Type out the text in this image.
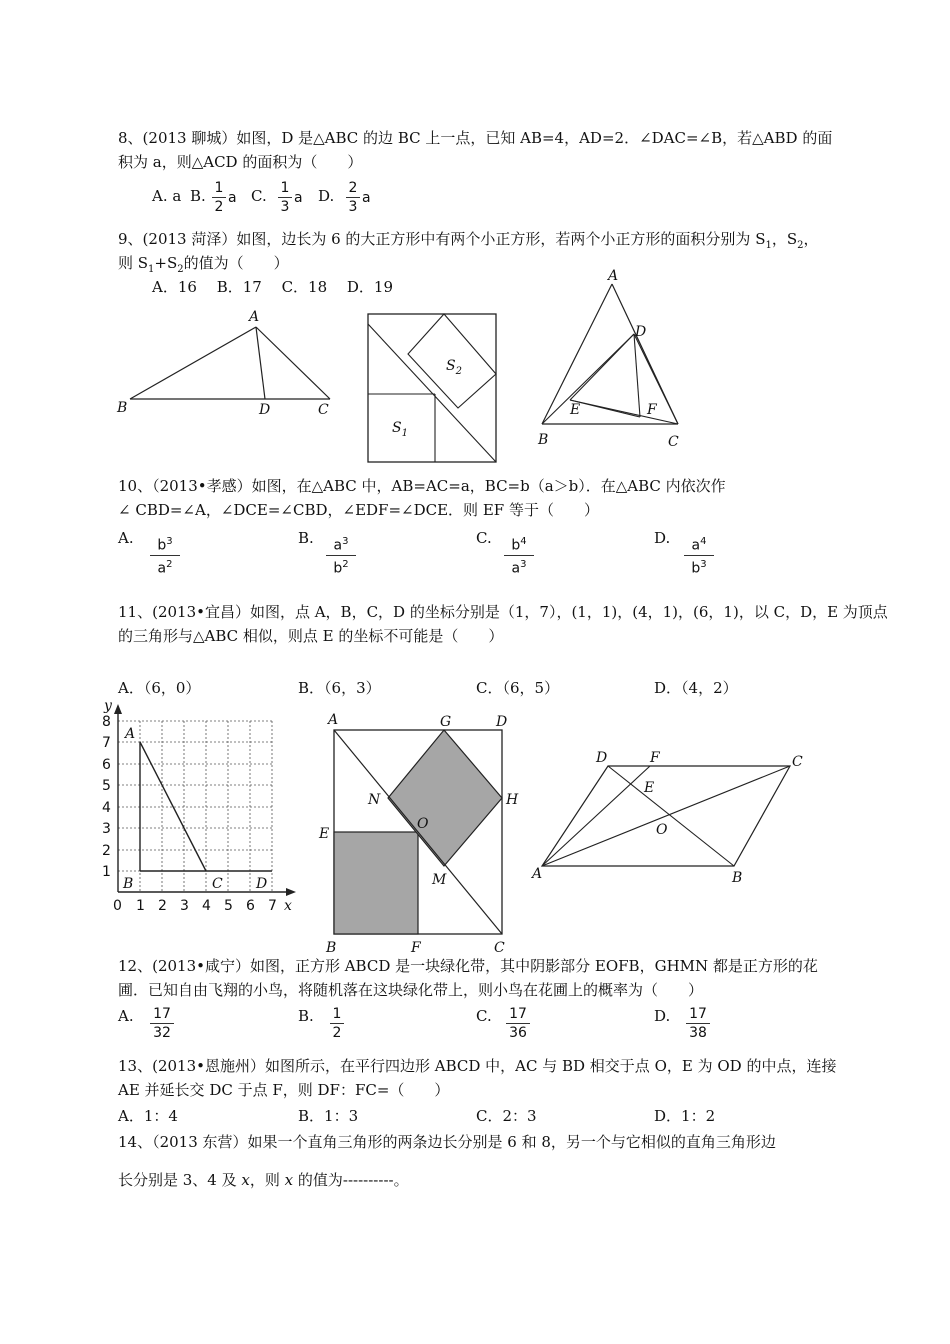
8、(2013 聊城）如图，D 是△ABC 的边 BC 上一点，已知 AB=4，AD=2．∠DAC=∠B，若△ABD 的面
积为 a，则△ACD 的面积为（　　）
A. a B. 1
2
a C. 1
3
a D. 2
3
a
9、(2013 菏泽）如图，边长为 6 的大正方形中有两个小正方形，若两个小正方形的面积分别为 $S_1$，$S_2$，
则 $S_1+S_2$的值为（　　）
A．16　 B．17　 C．18　 D．19
A
B	D	C
$S_2$
$S_1$
A
D
E	F
B	C
10、（2013•孝感）如图，在△ABC 中，AB=AC=a，BC=b（a＞b）．在△ABC 内依次作
∠ CBD=∠A，∠DCE=∠CBD，∠EDF=∠DCE．则 EF 等于（　　）
A.	$b^3$
$a^2$
B.	$a^3$
$b^2$
C.	$b^4$
$a^3$
D.	$a^4$
$b^3$
11、(2013•宜昌）如图，点 A，B，C，D 的坐标分别是（1，7），(1，1)，(4，1)，(6，1)，以 C，D，E 为顶点
的三角形与△ABC 相似，则点 E 的坐标不可能是（　　）
A．（6，0）	B．（6，3）	C．（6，5）	D．（4，2）
y
x
A
B	C D
0 1 2 3 4 5 6 7
1
2
3
4
5
6
7
8	A	G	D
H
N
O
E
M
B	F	C
D	F	C
E
O
A	B
12、(2013•咸宁）如图，正方形 ABCD 是一块绿化带，其中阴影部分 EOFB，GHMN 都是正方形的花
圃．已知自由飞翔的小鸟，将随机落在这块绿化带上，则小鸟在花圃上的概率为（　　）
A. 17
32
B. 1
2
C. 17
36
D. 17
38
13、(2013•恩施州）如图所示，在平行四边形 ABCD 中，AC 与 BD 相交于点 O，E 为 OD 的中点，连接
AE 并延长交 DC 于点 F，则 DF：FC=（　　）
A．1：4	B．1：3	C．2：3	D．1：2
14、（2013 东营）如果一个直角三角形的两条边长分别是 6 和 8，另一个与它相似的直角三角形边
长分别是 3、4 及 x，则 x 的值为----------。
